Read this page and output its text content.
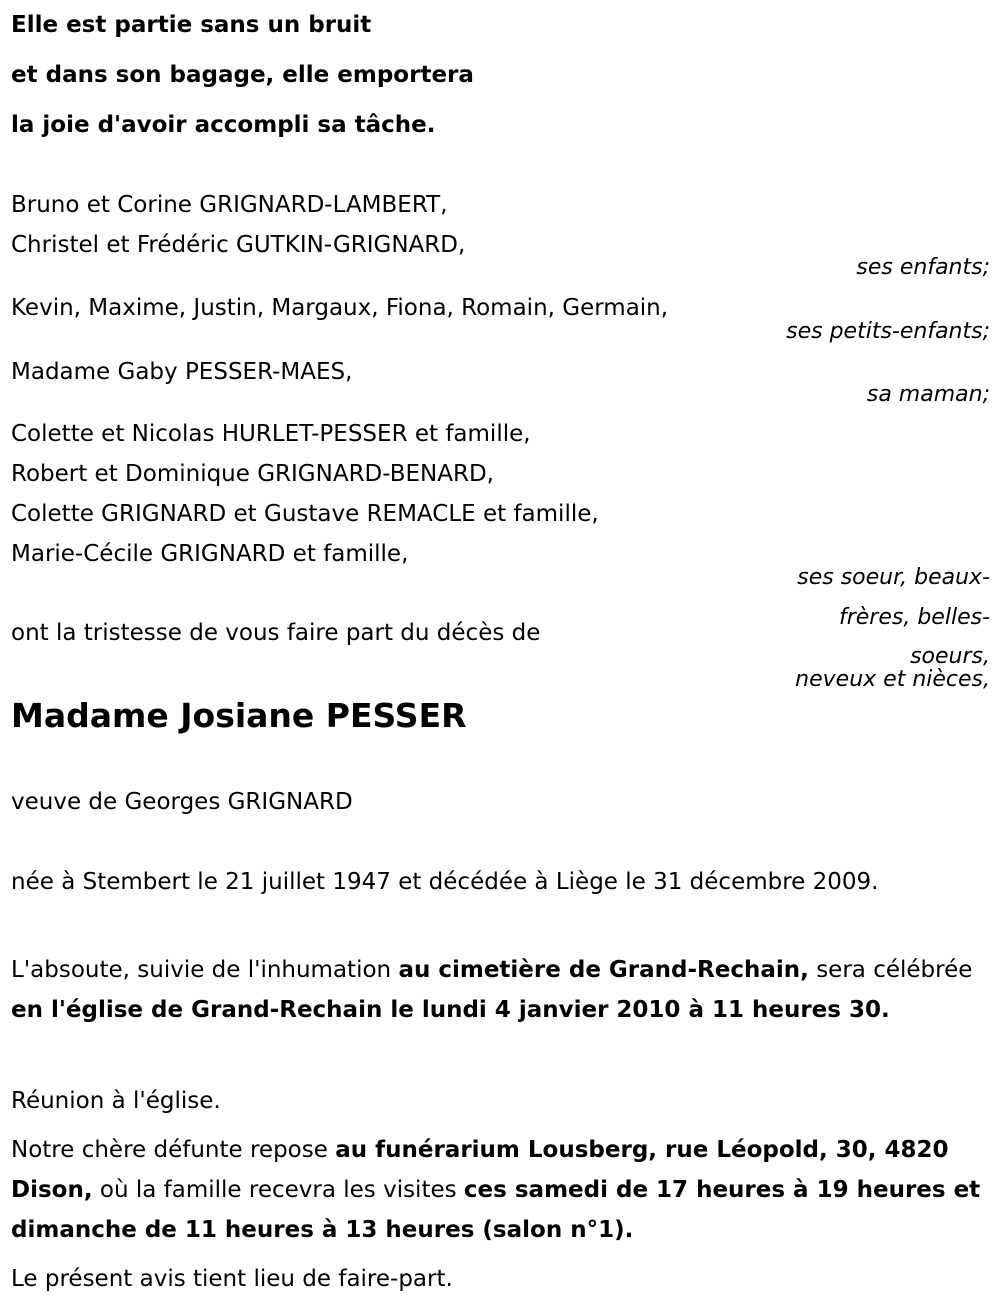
Elle est partie sans un bruit
et dans son bagage, elle emportera
la joie d'avoir accompli sa tâche.
Bruno et Corine GRIGNARD-LAMBERT,
Christel et Frédéric GUTKIN-GRIGNARD,
ses enfants;
Kevin, Maxime, Justin, Margaux, Fiona, Romain, Germain,
ses petits-enfants;
Madame Gaby PESSER-MAES,
sa maman;
Colette et Nicolas HURLET-PESSER et famille,
Robert et Dominique GRIGNARD-BENARD,
Colette GRIGNARD et Gustave REMACLE et famille,
Marie-Cécile GRIGNARD et famille,
ses soeur, beaux-
frères, belles-
soeurs,
neveux et nièces,
ont la tristesse de vous faire part du décès de
Madame Josiane PESSER
veuve de Georges GRIGNARD
née à Stembert le 21 juillet 1947 et décédée à Liège le 31 décembre 2009.
L'absoute, suivie de l'inhumation au cimetière de Grand-Rechain, sera célébrée en l'église de Grand-Rechain le lundi 4 janvier 2010 à 11 heures 30.
Réunion à l'église.
Notre chère défunte repose au funérarium Lousberg, rue Léopold, 30, 4820 Dison, où la famille recevra les visites ces samedi de 17 heures à 19 heures et dimanche de 11 heures à 13 heures (salon n°1).
Le présent avis tient lieu de faire-part.
